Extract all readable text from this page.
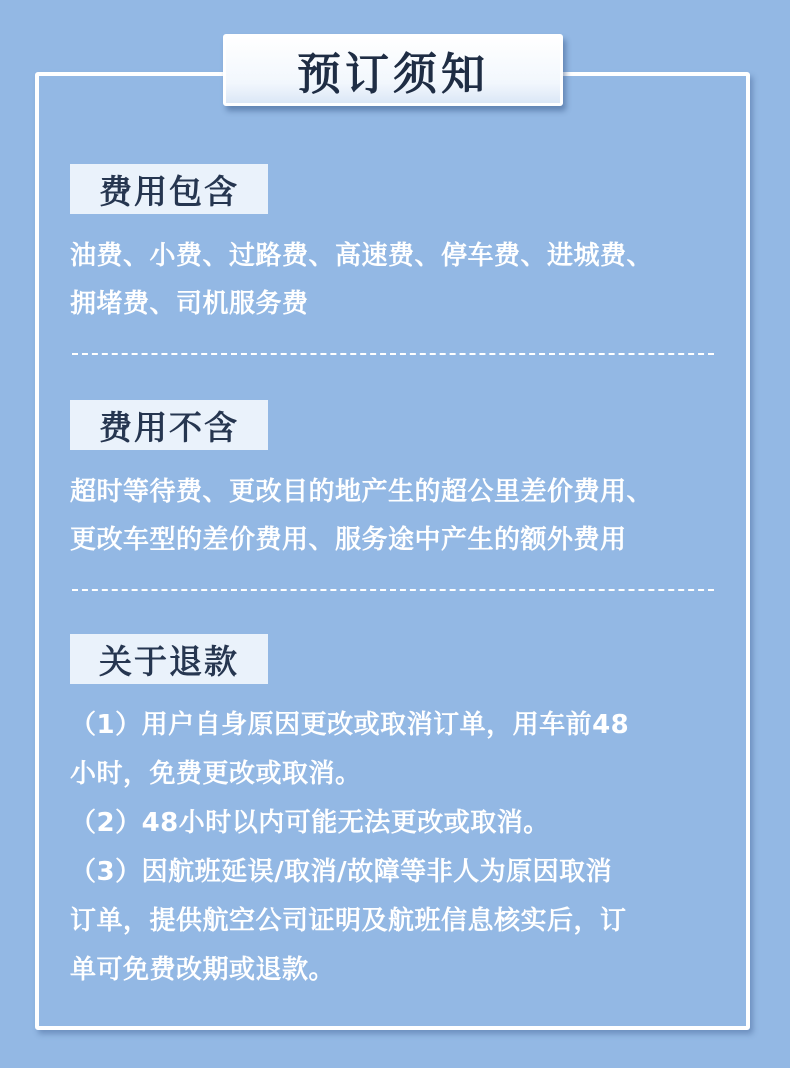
预订须知
费用包含
油费、小费、过路费、高速费、停车费、进城费、
拥堵费、司机服务费
费用不含
超时等待费、更改目的地产生的超公里差价费用、
更改车型的差价费用、服务途中产生的额外费用
关于退款
（1）用户自身原因更改或取消订单，用车前48
小时，免费更改或取消。
（2）48小时以内可能无法更改或取消。
（3）因航班延误/取消/故障等非人为原因取消
订单，提供航空公司证明及航班信息核实后，订
单可免费改期或退款。
